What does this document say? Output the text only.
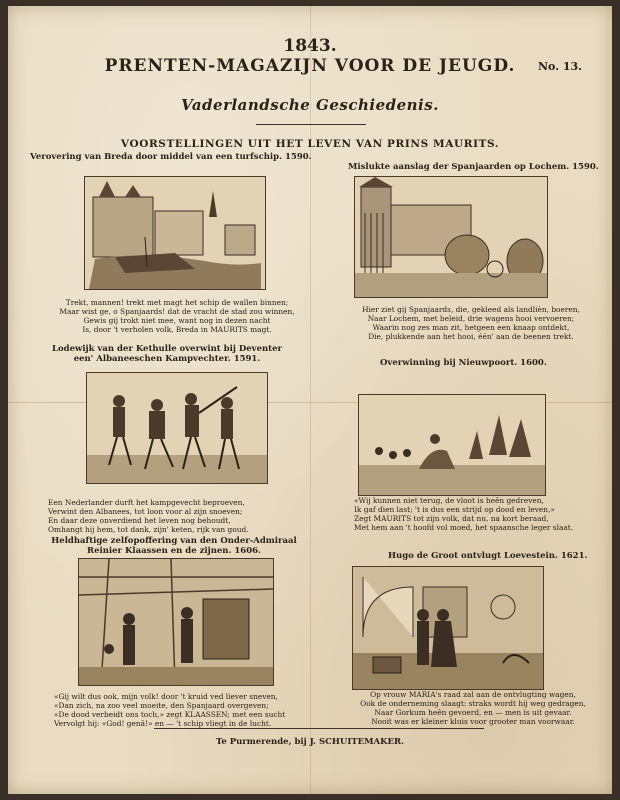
1843.
PRENTEN-MAGAZIJN VOOR DE JEUGD.	No. 13.
Vaderlandsche Geschiedenis.
VOORSTELLINGEN UIT HET LEVEN VAN PRINS MAURITS.
Verovering van Breda door middel van een turfschip. 1590.
Trekt, mannen! trekt met magt het schip de wallen binnen;
Maar wist ge, o Spanjaards! dat de vracht de stad zou winnen,
Gewis gij trokt niet mee, want nog in dezen nacht
Is, door 't verholen volk, Breda in MAURITS magt.
Mislukte aanslag der Spanjaarden op Lochem. 1590.
Hier ziet gij Spanjaards, die, gekleed als landlièn, boeren,
Naar Lochem, met beleid, drie wagens hooi vervoeren;
Waarin nog zes man zit, hetgeen een knaap ontdekt,
Die, plukkende aan het hooi, één' aan de beenen trekt.
Lodewijk van der Kethulle overwint bij Deventer een' Albaneeschen Kampvechter. 1591.
Een Nederlander durft het kampgevecht beproeven,
Verwint den Albanees, tot loon voor al zijn snoeven;
En daar deze onverdiend het leven nog behoudt,
Omhangt hij hem, tot dank, zijn' keten, rijk van goud.
Overwinning bij Nieuwpoort. 1600.
«Wij kunnen niet terug, de vloot is heên gedreven,
Ik gaf dien last; 't is dus een strijd op dood en leven,»
Zegt MAURITS tot zijn volk, dat nu, na kort beraad,
Met hem aan 't hoofd vol moed, het spaansche leger slaat.
Heldhaftige zelfopoffering van den Onder-Admiraal Reinier Klaassen en de zijnen. 1606.
«Gij wilt dus ook, mijn volk! door 't kruid ved liever sneven,
«Dan zich, na zoo veel moeite, den Spanjaard overgeven;
«De dood verbeidt ons toch,» zegt KLAASSEN; met een sucht
Vervolgt hij: «God! genâ!» en — 't schip vliegt in de lucht.
Hugo de Groot ontvlugt Loevestein. 1621.
Op vrouw MARIA's raad zal aan de ontvlugting wagen,
Ook de onderneming slaagt: straks wordt hij weg gedragen,
Naar Gorkum heên gevoerd, en — men is uit gevaar.
Nooit was er kleiner kluis voor grooter man voorwaar.
Te Purmerende, bij J. SCHUITEMAKER.
